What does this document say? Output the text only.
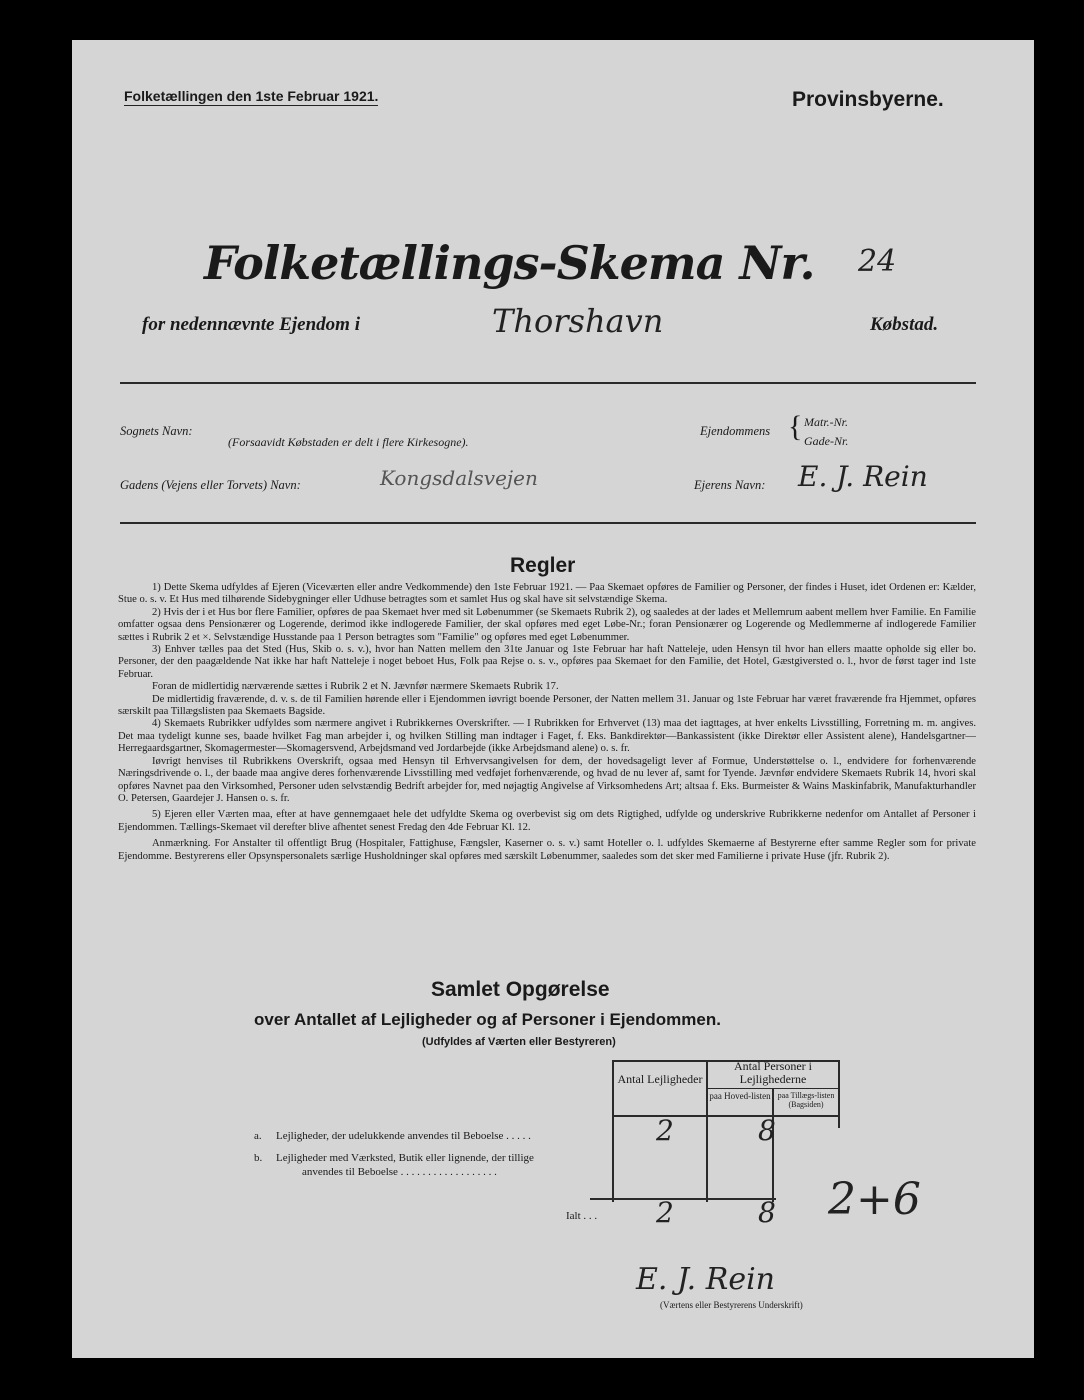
Folketællingen den 1ste Februar 1921.	Provinsbyerne.
Folketællings-Skema Nr. 24
for nedennævnte Ejendom i	Thorshavn	Købstad.
Sognets Navn:
(Forsaavidt Købstaden er delt i flere Kirkesogne).
Ejendommens { Matr.-Nr.
Gade-Nr.
Gadens (Vejens eller Torvets) Navn:	Kongsdalsvejen	Ejerens Navn: E. J. Rein
Regler

1) Dette Skema udfyldes af Ejeren (Viceværten eller andre Vedkommende) den 1ste Februar 1921. — Paa Skemaet opføres de Familier og Personer, der findes i Huset, idet Ordenen er: Kælder, Stue o. s. v. Et Hus med tilhørende Sidebygninger eller Udhuse betragtes som et samlet Hus og skal have sit selvstændige Skema.

2) Hvis der i et Hus bor flere Familier, opføres de paa Skemaet hver med sit Løbenummer (se Skemaets Rubrik 2), og saaledes at der lades et Mellemrum aabent mellem hver Familie. En Familie omfatter ogsaa dens Pensionærer og Logerende, derimod ikke indlogerede Familier, der skal opføres med eget Løbe-Nr.; foran Pensionærer og Logerende og Medlemmerne af indlogerede Familier sættes i Rubrik 2 et ×. Selvstændige Husstande paa 1 Person betragtes som "Familie" og opføres med eget Løbenummer.

3) Enhver tælles paa det Sted (Hus, Skib o. s. v.), hvor han Natten mellem den 31te Januar og 1ste Februar har haft Natteleje, uden Hensyn til hvor han ellers maatte opholde sig eller bo. Personer, der den paagældende Nat ikke har haft Natteleje i noget beboet Hus, Folk paa Rejse o. s. v., opføres paa Skemaet for den Familie, det Hotel, Gæstgiversted o. l., hvor de først tager ind 1ste Februar.

Foran de midlertidig nærværende sættes i Rubrik 2 et N. Jævnfør nærmere Skemaets Rubrik 17.

De midlertidig fraværende, d. v. s. de til Familien hørende eller i Ejendommen iøvrigt boende Personer, der Natten mellem 31. Januar og 1ste Februar har været fraværende fra Hjemmet, opføres særskilt paa Tillægslisten paa Skemaets Bagside.

4) Skemaets Rubrikker udfyldes som nærmere angivet i Rubrikkernes Overskrifter. — I Rubrikken for Erhvervet (13) maa det iagttages, at hver enkelts Livsstilling, Forretning m. m. angives. Det maa tydeligt kunne ses, baade hvilket Fag man arbejder i, og hvilken Stilling man indtager i Faget, f. Eks. Bankdirektør—Bankassistent (ikke Direktør eller Assistent alene), Handelsgartner—Herregaardsgartner, Skomagermester—Skomagersvend, Arbejdsmand ved Jordarbejde (ikke Arbejdsmand alene) o. s. fr.

Iøvrigt henvises til Rubrikkens Overskrift, ogsaa med Hensyn til Erhvervsangivelsen for dem, der hovedsageligt lever af Formue, Understøttelse o. l., endvidere for forhenværende Næringsdrivende o. l., der baade maa angive deres forhenværende Livsstilling med vedføjet forhenværende, og hvad de nu lever af, samt for Tyende. Jævnfør endvidere Skemaets Rubrik 14, hvori skal opføres Navnet paa den Virksomhed, Personer uden selvstændig Bedrift arbejder for, med nøjagtig Angivelse af Virksomhedens Art; altsaa f. Eks. Burmeister & Wains Maskinfabrik, Manufakturhandler O. Petersen, Gaardejer J. Hansen o. s. fr.

5) Ejeren eller Værten maa, efter at have gennemgaaet hele det udfyldte Skema og overbevist sig om dets Rigtighed, udfylde og underskrive Rubrikkerne nedenfor om Antallet af Personer i Ejendommen. Tællings-Skemaet vil derefter blive afhentet senest Fredag den 4de Februar Kl. 12.

Anmærkning. For Anstalter til offentligt Brug (Hospitaler, Fattighuse, Fængsler, Kaserner o. s. v.) samt Hoteller o. l. udfyldes Skemaerne af Bestyrerne efter samme Regler som for private Ejendomme. Bestyrerens eller Opsynspersonalets særlige Husholdninger skal opføres med særskilt Løbenummer, saaledes som det sker med Familierne i private Huse (jfr. Rubrik 2).

Samlet Opgørelse
over Antallet af Lejligheder og af Personer i Ejendommen.
(Udfyldes af Værten eller Bestyreren)
Antal Lejligheder
Antal Personer i Lejlighederne
paa Hoved-listen paa Tillægs-listen (Bagsiden)
a. Lejligheder, der udelukkende anvendes til Beboelse . . . . .	2	8
b. Lejligheder med Værksted, Butik eller lignende, der tillige
anvendes til Beboelse . . . . . . . . . . . . . . . . . .
Ialt . . . 2	8 2+6
E. J. Rein
(Værtens eller Bestyrerens Underskrift)
